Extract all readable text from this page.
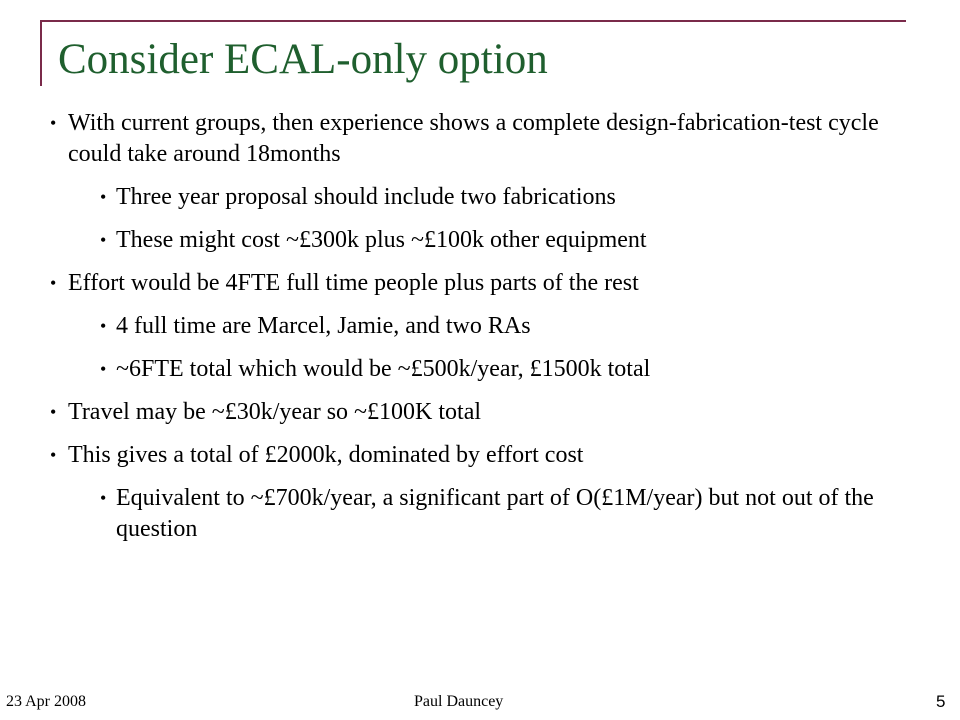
Consider ECAL-only option
• With current groups, then experience shows a complete design-fabrication-test cycle could take around 18months
• Three year proposal should include two fabrications
• These might cost ~£300k plus ~£100k other equipment
• Effort would be 4FTE full time people plus parts of the rest
• 4 full time are Marcel, Jamie, and two RAs
• ~6FTE total which would be ~£500k/year, £1500k total
• Travel may be ~£30k/year so ~£100K total
• This gives a total of £2000k, dominated by effort cost
• Equivalent to ~£700k/year, a significant part of O(£1M/year) but not out of the question
23 Apr 2008	Paul Dauncey	5
